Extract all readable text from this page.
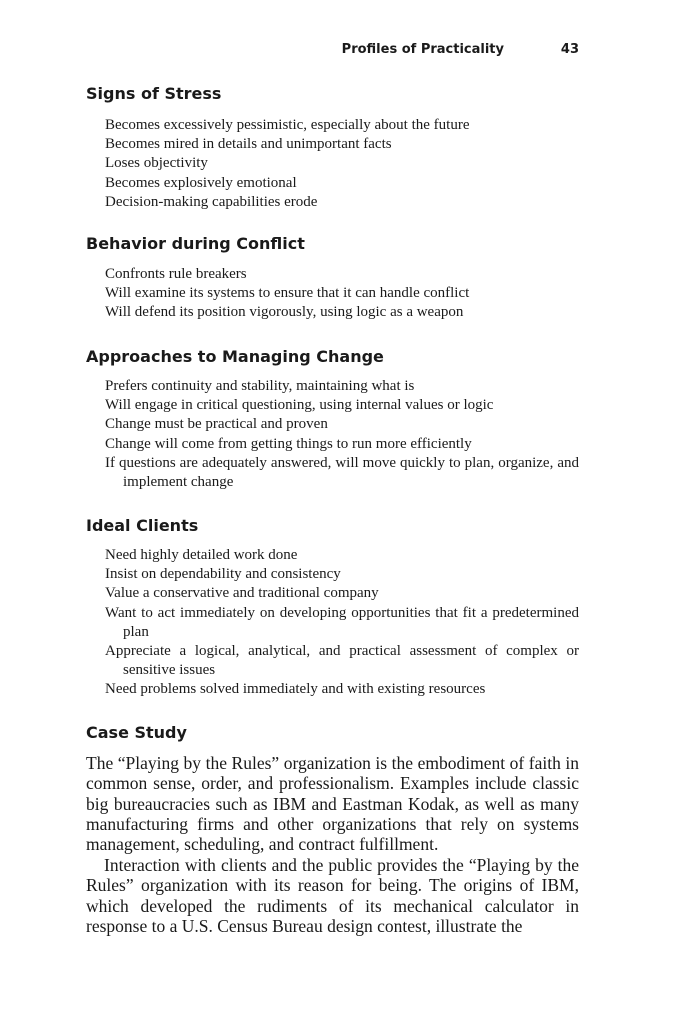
Profiles of Practicality	43
Signs of Stress
Becomes excessively pessimistic, especially about the future
Becomes mired in details and unimportant facts
Loses objectivity
Becomes explosively emotional
Decision-making capabilities erode
Behavior during Conflict
Confronts rule breakers
Will examine its systems to ensure that it can handle conflict
Will defend its position vigorously, using logic as a weapon
Approaches to Managing Change
Prefers continuity and stability, maintaining what is
Will engage in critical questioning, using internal values or logic
Change must be practical and proven
Change will come from getting things to run more efficiently
If questions are adequately answered, will move quickly to plan, organize, and implement change
Ideal Clients
Need highly detailed work done
Insist on dependability and consistency
Value a conservative and traditional company
Want to act immediately on developing opportunities that fit a predetermined plan
Appreciate a logical, analytical, and practical assessment of complex or sensitive issues
Need problems solved immediately and with existing resources
Case Study

The “Playing by the Rules” organization is the embodiment of faith in common sense, order, and professionalism. Examples include classic big bureaucracies such as IBM and Eastman Kodak, as well as many manufacturing firms and other organizations that rely on systems management, scheduling, and contract fulfillment.

Interaction with clients and the public provides the “Playing by the Rules” organization with its reason for being. The origins of IBM, which developed the rudiments of its mechanical calculator in response to a U.S. Census Bureau design contest, illustrate the
